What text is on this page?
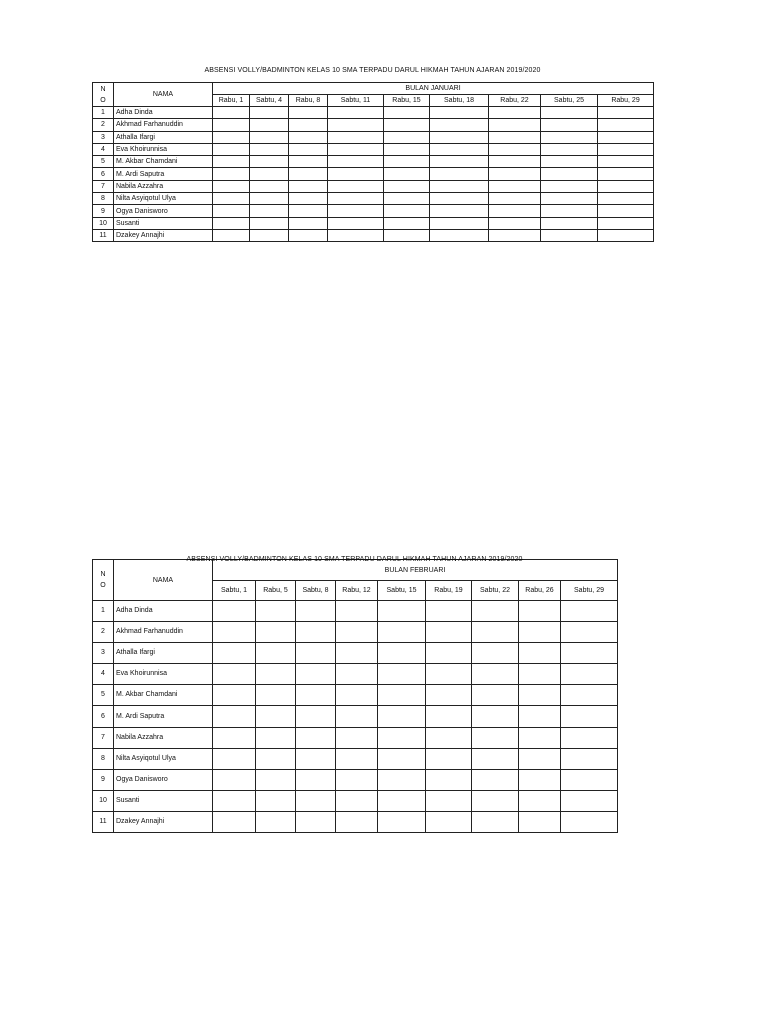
ABSENSI VOLLY/BADMINTON KELAS 10 SMA TERPADU DARUL HIKMAH TAHUN AJARAN 2019/2020
N
O	NAMA	BULAN JANUARI								
		Rabu, 1	Sabtu, 4	Rabu, 8	Sabtu, 11	Rabu, 15	Sabtu, 18	Rabu, 22	Sabtu, 25	Rabu, 29
1	Adha Dinda									
2	Akhmad Farhanuddin									
3	Athalla Ifargi									
4	Eva Khoirunnisa									
5	M. Akbar Chamdani									
6	M. Ardi Saputra									
7	Nabila Azzahra									
8	Nilta Asyiqotul Ulya									
9	Ogya Danisworo									
10	Susanti									
11	Dzakey Annajhi									
ABSENSI VOLLY/BADMINTON KELAS 10 SMA TERPADU DARUL HIKMAH TAHUN AJARAN 2019/2020
N
O	NAMA	BULAN FEBRUARI								
		Sabtu, 1	Rabu, 5	Sabtu, 8	Rabu, 12	Sabtu, 15	Rabu, 19	Sabtu, 22	Rabu, 26	Sabtu, 29
1	Adha Dinda									
2	Akhmad Farhanuddin									
3	Athalla Ifargi									
4	Eva Khoirunnisa									
5	M. Akbar Chamdani									
6	M. Ardi Saputra									
7	Nabila Azzahra									
8	Nilta Asyiqotul Ulya									
9	Ogya Danisworo									
10	Susanti									
11	Dzakey Annajhi									
